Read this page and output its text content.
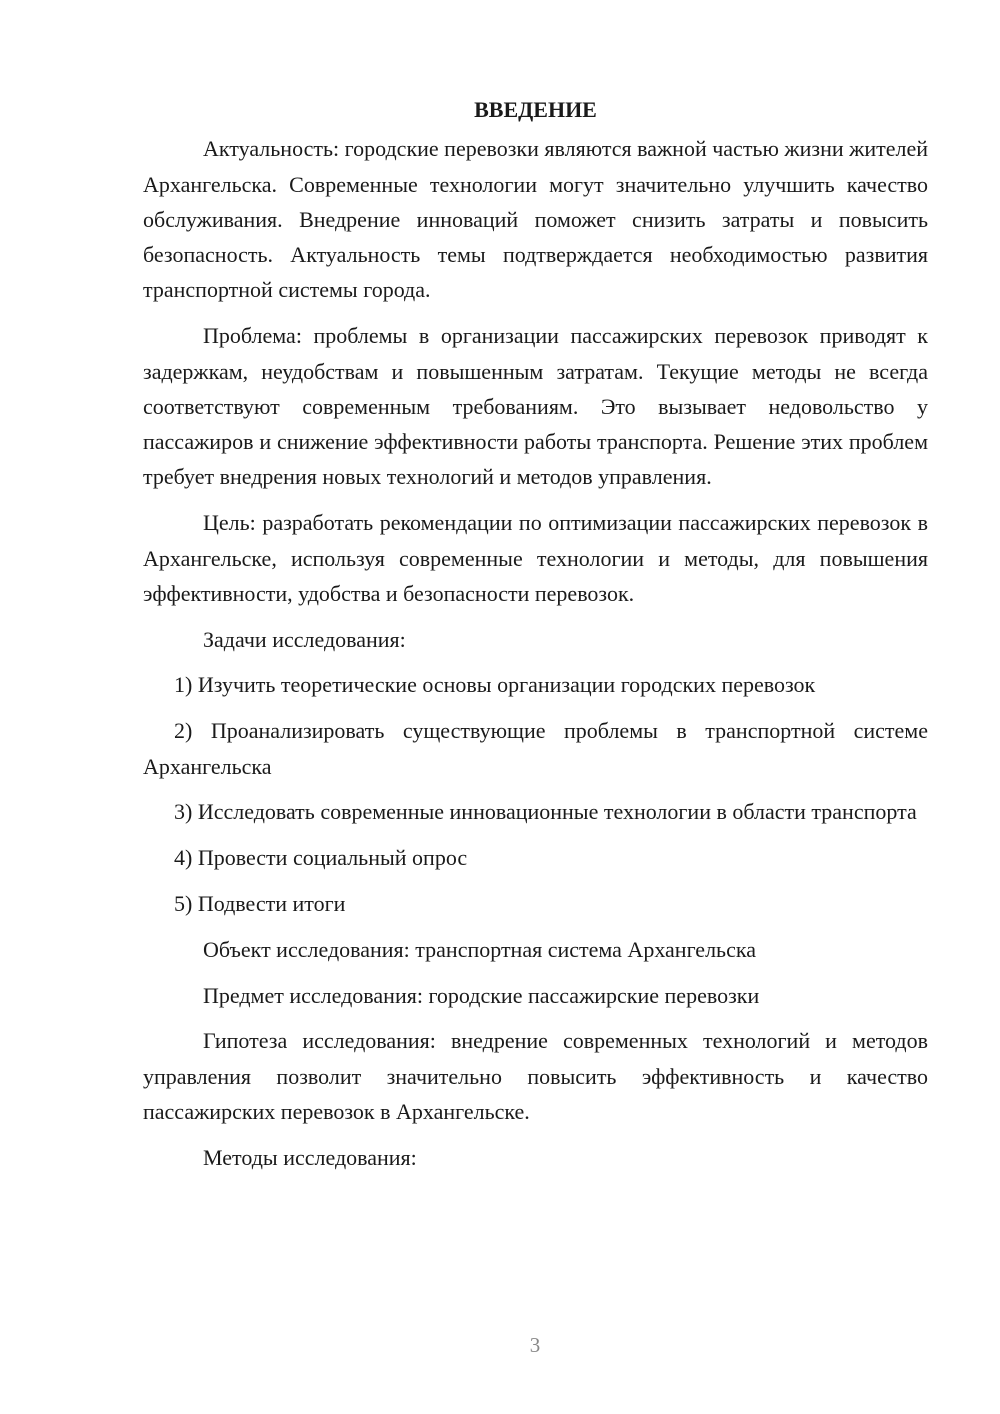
ВВЕДЕНИЕ

Актуальность: городские перевозки являются важной частью жизни жителей Архангельска. Современные технологии могут значительно улучшить качество обслуживания. Внедрение инноваций поможет снизить затраты и повысить безопасность. Актуальность темы подтверждается необходимостью развития транспортной системы города.

Проблема: проблемы в организации пассажирских перевозок приводят к задержкам, неудобствам и повышенным затратам. Текущие методы не всегда соответствуют современным требованиям. Это вызывает недовольство у пассажиров и снижение эффективности работы транспорта. Решение этих проблем требует внедрения новых технологий и методов управления.

Цель: разработать рекомендации по оптимизации пассажирских перевозок в Архангельске, используя современные технологии и методы, для повышения эффективности, удобства и безопасности перевозок.

Задачи исследования:

1) Изучить теоретические основы организации городских перевозок

2) Проанализировать существующие проблемы в транспортной системе Архангельска

3) Исследовать современные инновационные технологии в области транспорта

4) Провести социальный опрос

5) Подвести итоги

Объект исследования: транспортная система Архангельска

Предмет исследования: городские пассажирские перевозки

Гипотеза исследования: внедрение современных технологий и методов управления позволит значительно повысить эффективность и качество пассажирских перевозок в Архангельске.

Методы исследования:

3
